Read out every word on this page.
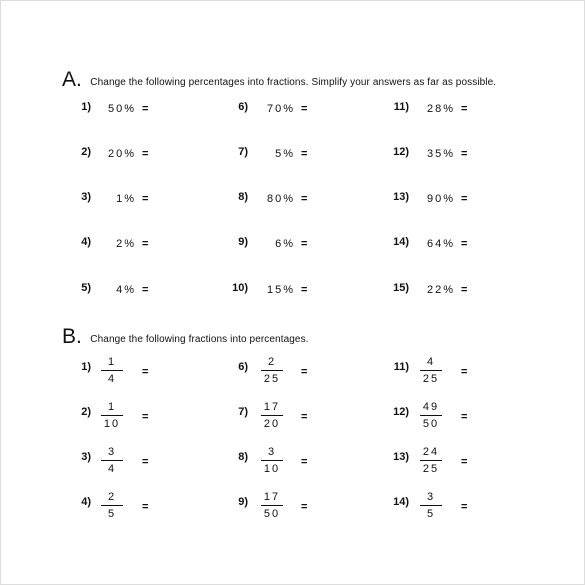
A. Change the following percentages into fractions. Simplify your answers as far as possible.
1)	50% =
2)	20% =
3)	1% =
4)	2% =
5)	4% =
6)	70% =
7)	5% =
8)	80% =
9)	6% =
10)	15% =
11)	28% =
12)	35% =
13)	90% =
14)	64% =
15)	22% =
B. Change the following fractions into percentages.
1)	1
4
=
2)	1
10
=
3)	3
4
=
4)	2
5
=
6)	2
25
=
7)	17
20
=
8)	3
10
=
9)	17
50
=
11)	4
25
=
12)	49
50
=
13)	24
25
=
14)	3
5
=
